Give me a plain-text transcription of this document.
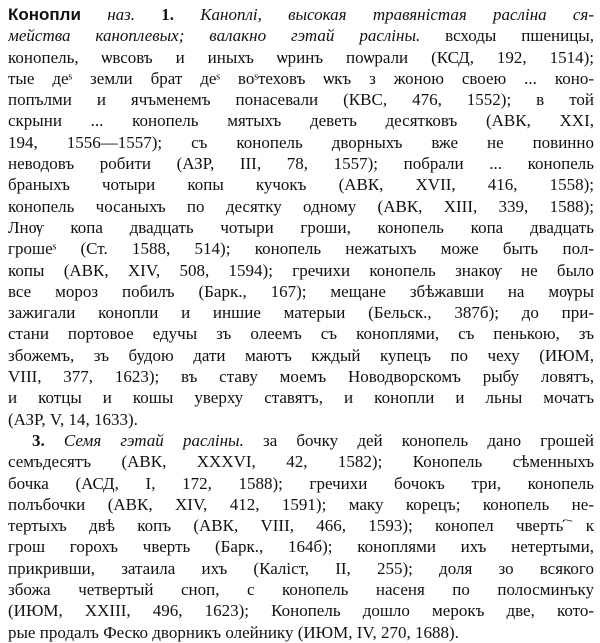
Конопли наз. 1. Каноплі, высокая травяністая расліна ся-
мейства каноплевых; валакно гэтай расліны. всходы пшеницы,
конопель, ѡвсовъ и иныхъ ѡринъ поѡрали (КСД, 192, 1514);
тые деˢ земли брат деˢ воˢтеховъ ѡкъ з жоною своею ... коно-
попълми и ячъменемъ понасевали (КВС, 476, 1552); в той
скрыни ... конопель мятыхъ деветь десятковъ (АВК, XXI,
194, 1556—1557); съ конопель дворныхъ вже не повинно
неводовъ робити (АЗР, III, 78, 1557); побрали ... конопель
браныхъ чотыри копы кучокъ (АВК, XVII, 416, 1558);
конопель чосаныхъ по десятку одному (АВК, XIII, 339, 1588);
Лнѹ копа двадцать чотыри гроши, конопель копа двадцать
грошеˢ (Ст. 1588, 514); конопель нежатыхъ може быть пол-
копы (АВК, XIV, 508, 1594); гречихи конопель знакѹ не было
все мороз побилъ (Барк., 167); мещане збѣжавши на мѹры
зажигали конопли и иншие матерыи (Бельск., 387б); до при-
стани портовое едучы зъ олеемъ съ коноплями, съ пенькою, зъ
збожемъ, зъ будою дати маютъ кждый купецъ по чеху (ИЮМ,
VIII, 377, 1623); въ ставу моемъ Новодворскомъ рыбу ловятъ,
и котцы и кошы уверху ставятъ, и конопли и льны мочатъ
(АЗР, V, 14, 1633).
3. Семя гэтай расліны. за бочку дей конопель дано грошей
семъдесятъ (АВК, XXXVI, 42, 1582); Конопель сѣменныхъ
бочка (АСД, I, 172, 1588); гречихи бочокъ три, конопель
полъбочки (АВК, XIV, 412, 1591); маку корецъ; конопель не-
тертыхъ двѣ копъ (АВК, VIII, 466, 1593); конопел чверть ҇к
грош горохъ чверть (Барк., 164б); коноплями ихъ нетертыми,
прикривши, затаила ихъ (Каліст, II, 255); доля зо всякого
збожа четвертый сноп, с конопель насеня по полосминъку
(ИЮМ, XXIII, 496, 1623); Конопель дошло мерокъ две, кото-
рые продалъ Феско дворникъ олейнику (ИЮМ, IV, 270, 1688).
